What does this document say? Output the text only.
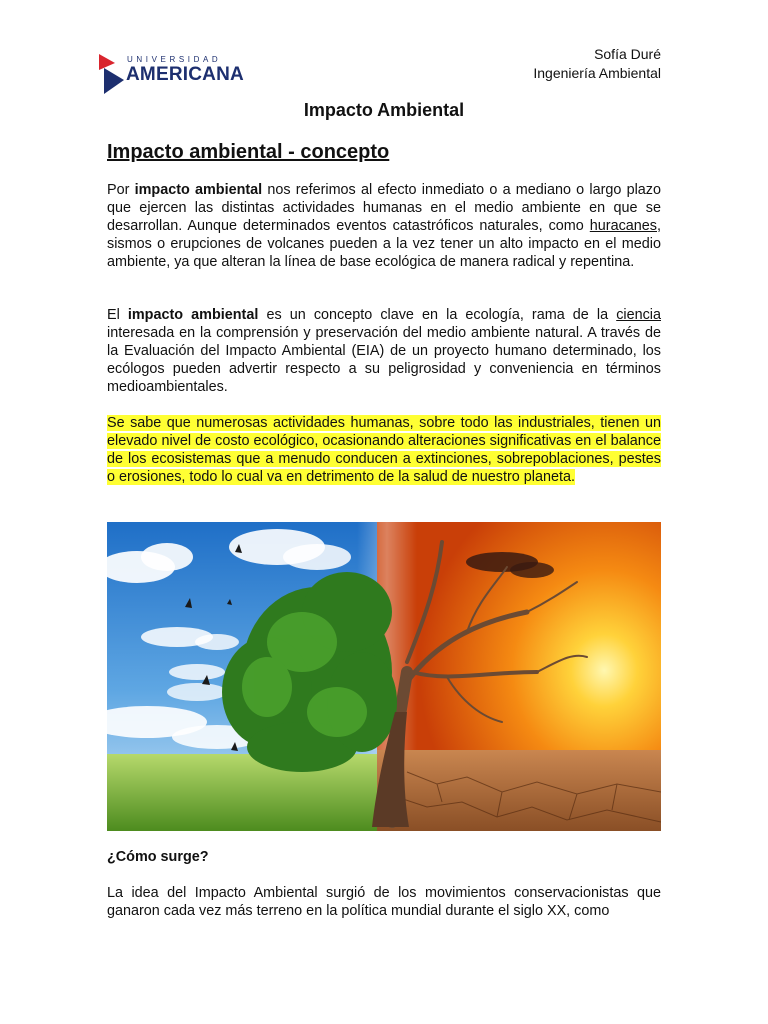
UNIVERSIDAD
AMERICANA
Sofía Duré
Ingeniería Ambiental
Impacto Ambiental
Impacto ambiental - concepto

Por impacto ambiental nos referimos al efecto inmediato o a mediano o largo plazo que ejercen las distintas actividades humanas en el medio ambiente en que se desarrollan. Aunque determinados eventos catastróficos naturales, como huracanes, sismos o erupciones de volcanes pueden a la vez tener un alto impacto en el medio ambiente, ya que alteran la línea de base ecológica de manera radical y repentina.

El impacto ambiental es un concepto clave en la ecología, rama de la ciencia interesada en la comprensión y preservación del medio ambiente natural. A través de la Evaluación del Impacto Ambiental (EIA) de un proyecto humano determinado, los ecólogos pueden advertir respecto a su peligrosidad y conveniencia en términos medioambientales.

Se sabe que numerosas actividades humanas, sobre todo las industriales, tienen un elevado nivel de costo ecológico, ocasionando alteraciones significativas en el balance de los ecosistemas que a menudo conducen a extinciones, sobrepoblaciones, pestes o erosiones, todo lo cual va en detrimento de la salud de nuestro planeta.

¿Cómo surge?

La idea del Impacto Ambiental surgió de los movimientos conservacionistas que ganaron cada vez más terreno en la política mundial durante el siglo XX, como
